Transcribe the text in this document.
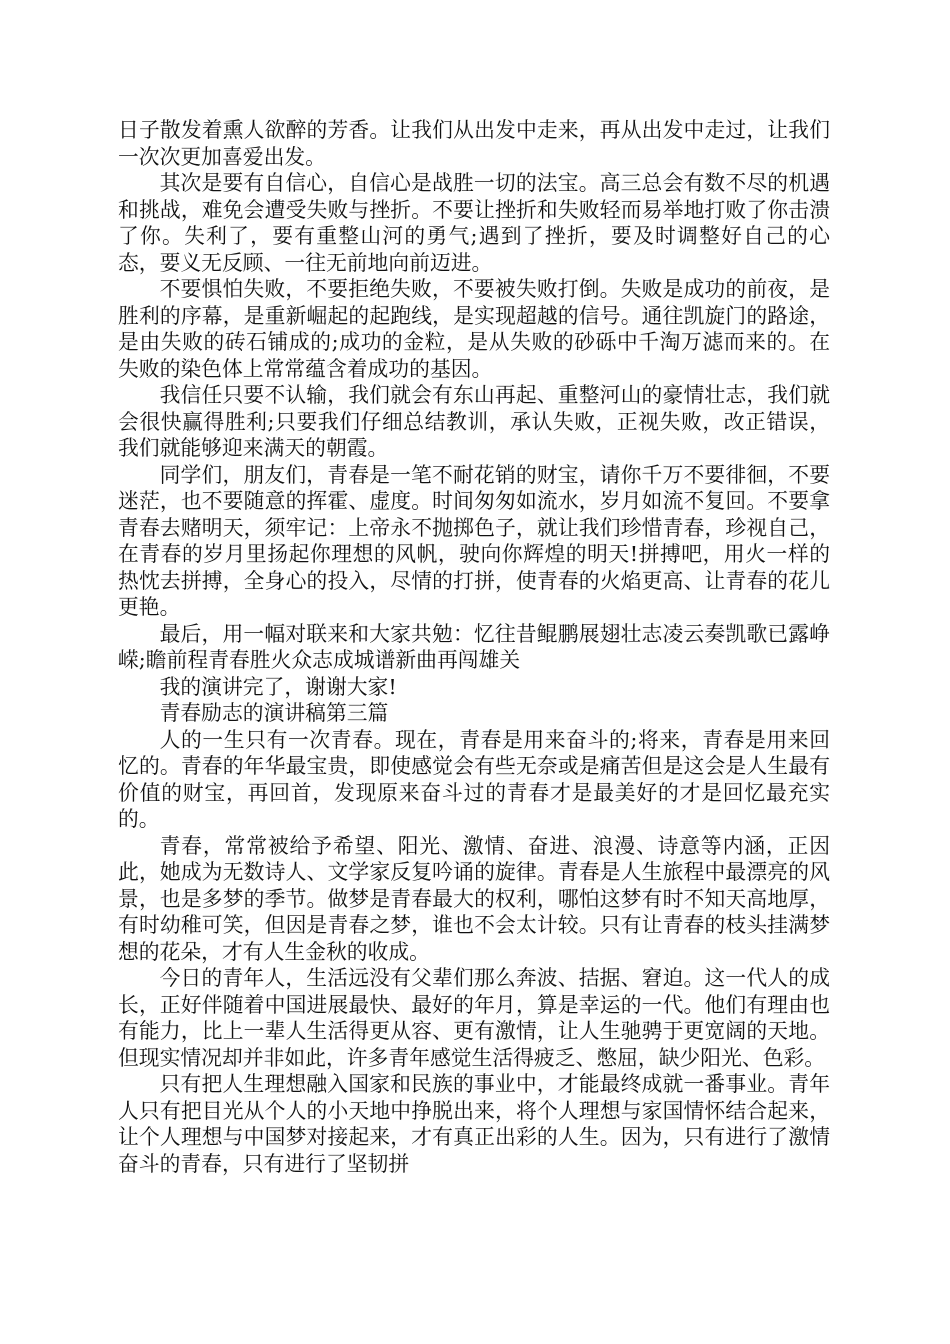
日子散发着熏人欲醉的芳香。让我们从出发中走来，再从出发中走过，让我们一次次更加喜爱出发。

其次是要有自信心，自信心是战胜一切的法宝。高三总会有数不尽的机遇和挑战，难免会遭受失败与挫折。不要让挫折和失败轻而易举地打败了你击溃了你。失利了，要有重整山河的勇气;遇到了挫折，要及时调整好自己的心态，要义无反顾、一往无前地向前迈进。

不要惧怕失败，不要拒绝失败，不要被失败打倒。失败是成功的前夜，是胜利的序幕，是重新崛起的起跑线，是实现超越的信号。通往凯旋门的路途，是由失败的砖石铺成的;成功的金粒，是从失败的砂砾中千淘万滤而来的。在失败的染色体上常常蕴含着成功的基因。

我信任只要不认输，我们就会有东山再起、重整河山的豪情壮志，我们就会很快赢得胜利;只要我们仔细总结教训，承认失败，正视失败，改正错误，我们就能够迎来满天的朝霞。

同学们，朋友们，青春是一笔不耐花销的财宝，请你千万不要徘徊，不要迷茫，也不要随意的挥霍、虚度。时间匆匆如流水，岁月如流不复回。不要拿青春去赌明天，须牢记：上帝永不抛掷色子，就让我们珍惜青春，珍视自己，在青春的岁月里扬起你理想的风帆，驶向你辉煌的明天!拼搏吧，用火一样的热忱去拼搏，全身心的投入，尽情的打拼，使青春的火焰更高、让青春的花儿更艳。

最后，用一幅对联来和大家共勉：忆往昔鲲鹏展翅壮志凌云奏凯歌已露峥嵘;瞻前程青春胜火众志成城谱新曲再闯雄关

我的演讲完了，谢谢大家!

青春励志的演讲稿第三篇

人的一生只有一次青春。现在，青春是用来奋斗的;将来，青春是用来回忆的。青春的年华最宝贵，即使感觉会有些无奈或是痛苦但是这会是人生最有价值的财宝，再回首，发现原来奋斗过的青春才是最美好的才是回忆最充实的。

青春，常常被给予希望、阳光、激情、奋进、浪漫、诗意等内涵，正因此，她成为无数诗人、文学家反复吟诵的旋律。青春是人生旅程中最漂亮的风景，也是多梦的季节。做梦是青春最大的权利，哪怕这梦有时不知天高地厚，有时幼稚可笑，但因是青春之梦，谁也不会太计较。只有让青春的枝头挂满梦想的花朵，才有人生金秋的收成。

今日的青年人，生活远没有父辈们那么奔波、拮据、窘迫。这一代人的成长，正好伴随着中国进展最快、最好的年月，算是幸运的一代。他们有理由也有能力，比上一辈人生活得更从容、更有激情，让人生驰骋于更宽阔的天地。但现实情况却并非如此，许多青年感觉生活得疲乏、憋屈，缺少阳光、色彩。

只有把人生理想融入国家和民族的事业中，才能最终成就一番事业。青年人只有把目光从个人的小天地中挣脱出来，将个人理想与家国情怀结合起来，让个人理想与中国梦对接起来，才有真正出彩的人生。因为，只有进行了激情奋斗的青春，只有进行了坚韧拼
